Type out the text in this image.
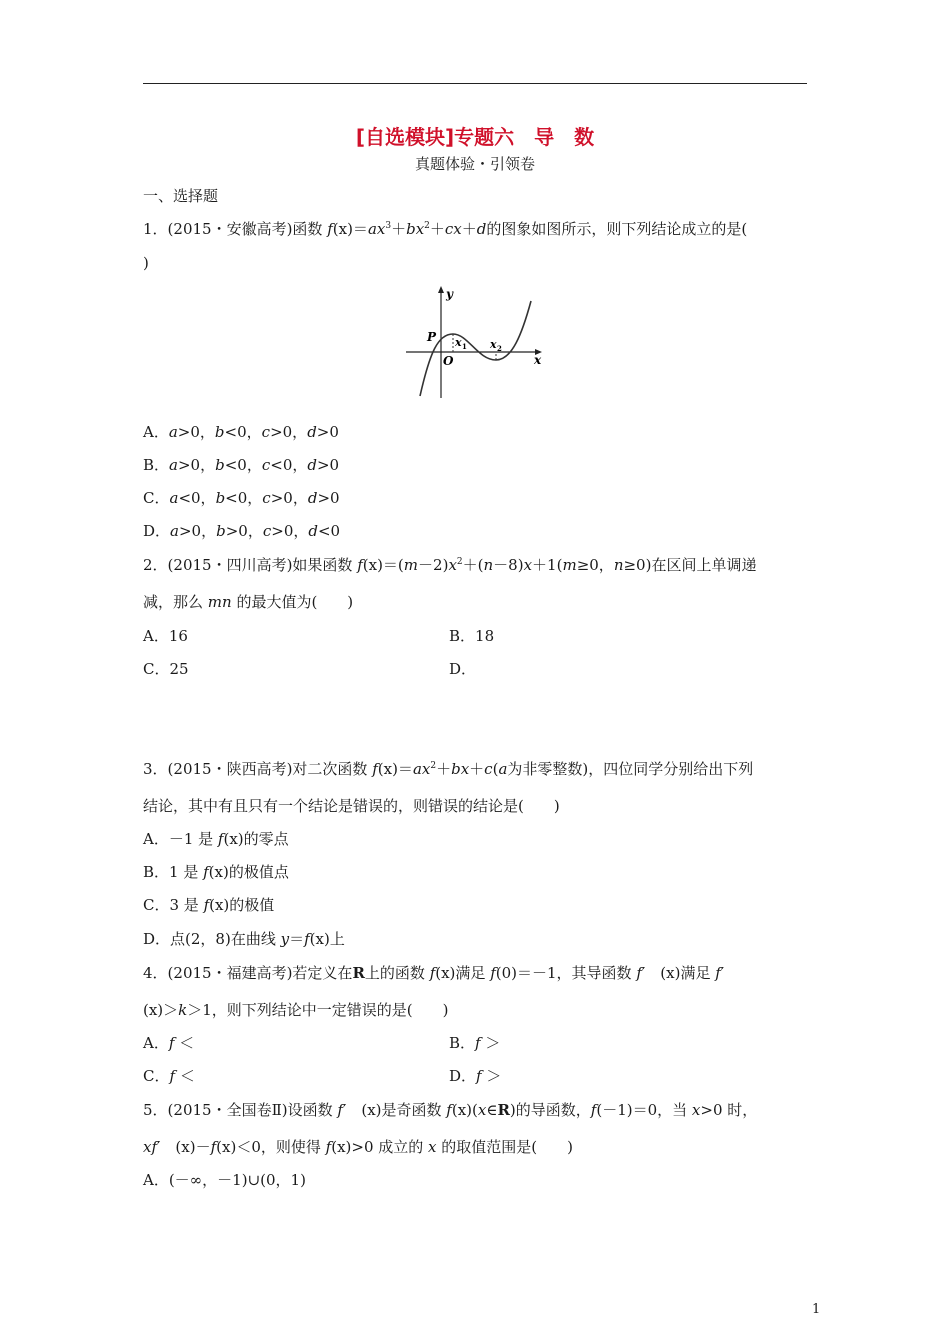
[自选模块]专题六　导　数
真题体验・引领卷
一、选择题
1．(2015・安徽高考)函数 $f(x)=ax^3+bx^2+cx+d$的图象如图所示，则下列结论成立的是(
)
y
x
P
O
x 1 x 2
A．a>0，b<0，c>0，d>0
B．a>0，b<0，c<0，d>0
C．a<0，b<0，c>0，d>0
D．a>0，b>0，c>0，d<0
2．(2015・四川高考)如果函数 $f(x)=(m-2)x^2+(n-8)x+1(m\ge 0$，n≥0)在区间上单调递
减，那么 mn 的最大值为(　　)
A．16	B．18
C．25	D．
3．(2015・陕西高考)对二次函数 $f(x)=ax^2+bx+c(a$为非零整数)，四位同学分别给出下列
结论，其中有且只有一个结论是错误的，则错误的结论是(　　)
A．－1 是 f(x)的零点
B．1 是 f(x)的极值点
C．3 是 f(x)的极值
D．点(2，8)在曲线 y＝f(x)上
4．(2015・福建高考)若定义在R上的函数 f(x)满足 f(0)＝－1，其导函数 f′　(x)满足 f′
(x)＞k＞1，则下列结论中一定错误的是(　　)
A．f ＜	B．f ＞
C．f ＜	D．f ＞
5．(2015・全国卷Ⅱ)设函数 f′　(x)是奇函数 f(x)(x∈R)的导函数，f(－1)＝0，当 x>0 时，
xf′　(x)－f(x)＜0，则使得 f(x)>0 成立的 x 的取值范围是(　　)
A．(－∞，－1)∪(0，1)
1
